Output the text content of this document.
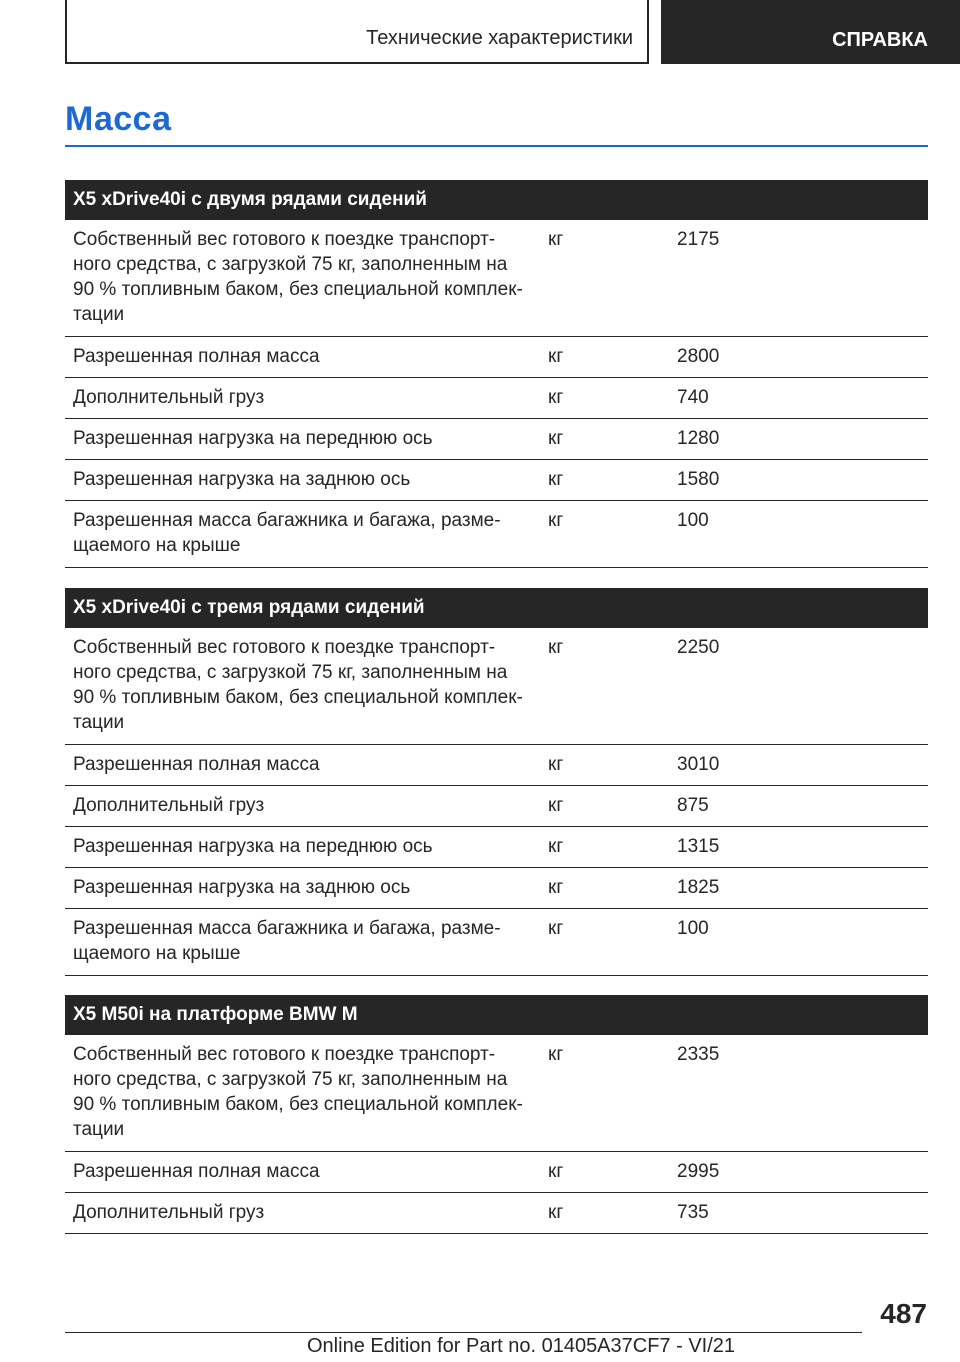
Технические характеристики	СПРАВКА
Масса
X5 xDrive40i с двумя рядами сидений
Собственный вес готового к поездке транспорт-
ного средства, с загрузкой 75 кг, заполненным на
90 % топливным баком, без специальной комплек-
тации
кг	2175
Разрешенная полная масса	кг	2800
Дополнительный груз	кг	740
Разрешенная нагрузка на переднюю ось	кг	1280
Разрешенная нагрузка на заднюю ось	кг	1580
Разрешенная масса багажника и багажа, разме-
щаемого на крыше
кг	100
X5 xDrive40i с тремя рядами сидений
Собственный вес готового к поездке транспорт-
ного средства, с загрузкой 75 кг, заполненным на
90 % топливным баком, без специальной комплек-
тации
кг	2250
Разрешенная полная масса	кг	3010
Дополнительный груз	кг	875
Разрешенная нагрузка на переднюю ось	кг	1315
Разрешенная нагрузка на заднюю ось	кг	1825
Разрешенная масса багажника и багажа, разме-
щаемого на крыше
кг	100
X5 M50i на платформе BMW M
Собственный вес готового к поездке транспорт-
ного средства, с загрузкой 75 кг, заполненным на
90 % топливным баком, без специальной комплек-
тации
кг	2335
Разрешенная полная масса	кг	2995
Дополнительный груз	кг	735
487
Online Edition for Part no. 01405A37CF7 - VI/21
